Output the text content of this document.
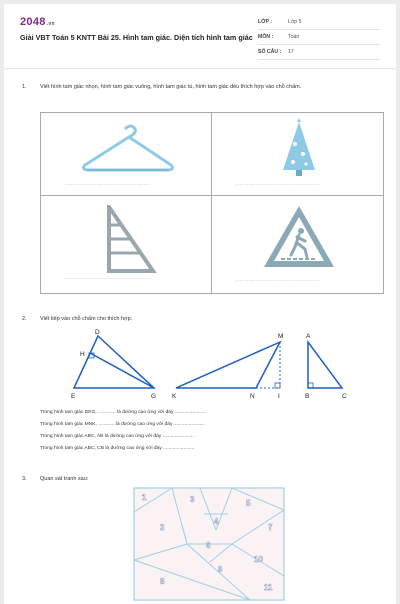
2048.vn
Giải VBT Toán 5 KNTT Bài 25. Hình tam giác. Diện tích hình tam giác
LỚP :	Lớp 5
MÔN :	Toán
SỐ CÂU : 17
1. Viết hình tam giác nhọn, hình tam giác vuông, hình tam giác tù, hình tam giác đều thích hợp vào chỗ chấm.
......................................................................	......................................................................
......................................................................	......................................................................
2. Viết tiếp vào chỗ chấm cho thích hợp.
D
H
E	G
M
K	N	I
A
B	C
Trong hình tam giác DEG, ............. là đường cao ứng với đáy .......................
Trong hình tam giác MNK, ............ là đường cao ứng với đáy .......................
Trong hình tam giác ABC, AB là đường cao ứng với đáy .......................
Trong hình tam giác ABC, CB là đường cao ứng với đáy .......................
3. Quan sát tranh sau:
1
2
3
4
5
6
7
8
9
10
11
